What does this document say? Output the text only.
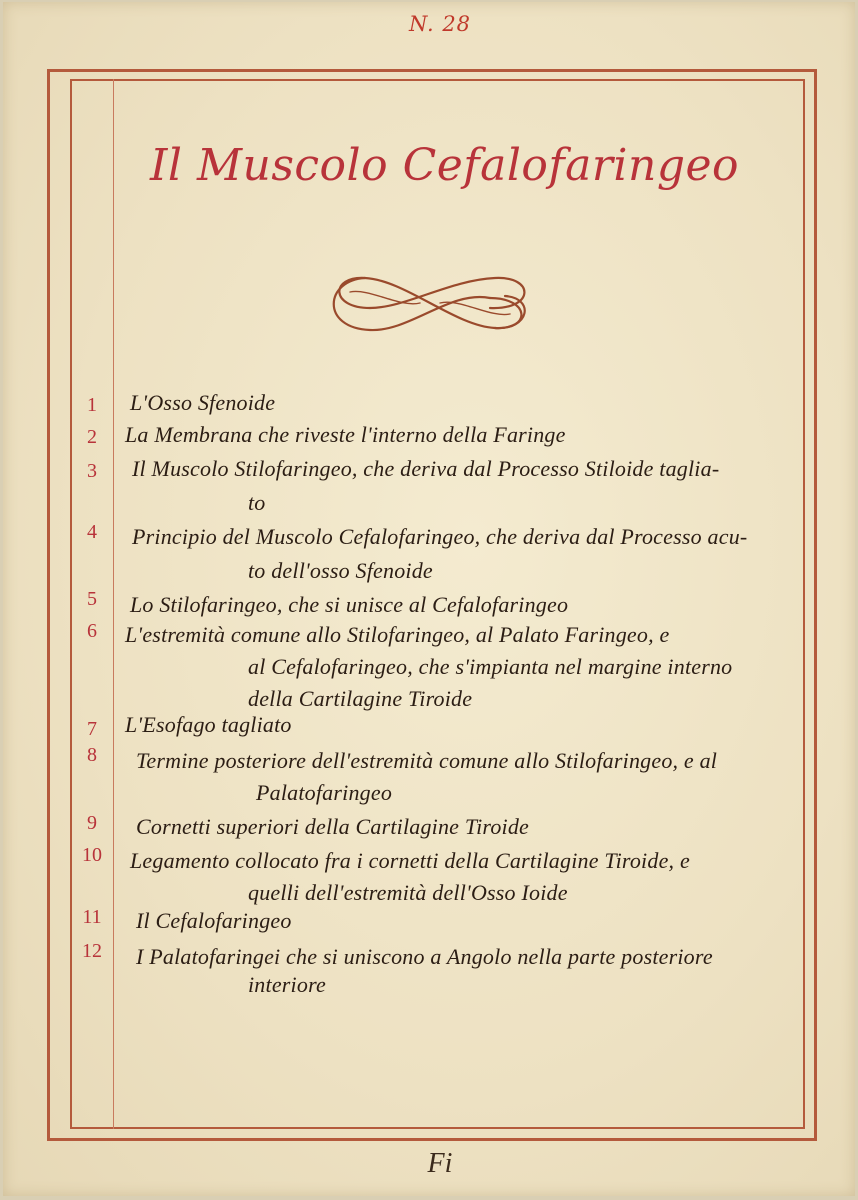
N. 28
Il Muscolo Cefalofaringeo
1	L'Osso Sfenoide
2	La Membrana che riveste l'interno della Faringe
3	Il Muscolo Stilofaringeo, che deriva dal Processo Stiloide taglia-
to
4	Principio del Muscolo Cefalofaringeo, che deriva dal Processo acu-
to dell'osso Sfenoide
5	Lo Stilofaringeo, che si unisce al Cefalofaringeo
6	L'estremità comune allo Stilofaringeo, al Palato Faringeo, e
al Cefalofaringeo, che s'impianta nel margine interno
della Cartilagine Tiroide
7	L'Esofago tagliato
8	Termine posteriore dell'estremità comune allo Stilofaringeo, e al
Palatofaringeo
9	Cornetti superiori della Cartilagine Tiroide
10	Legamento collocato fra i cornetti della Cartilagine Tiroide, e
quelli dell'estremità dell'Osso Ioide
11	Il Cefalofaringeo
12	I Palatofaringei che si uniscono a Angolo nella parte posteriore
interiore
Fi
